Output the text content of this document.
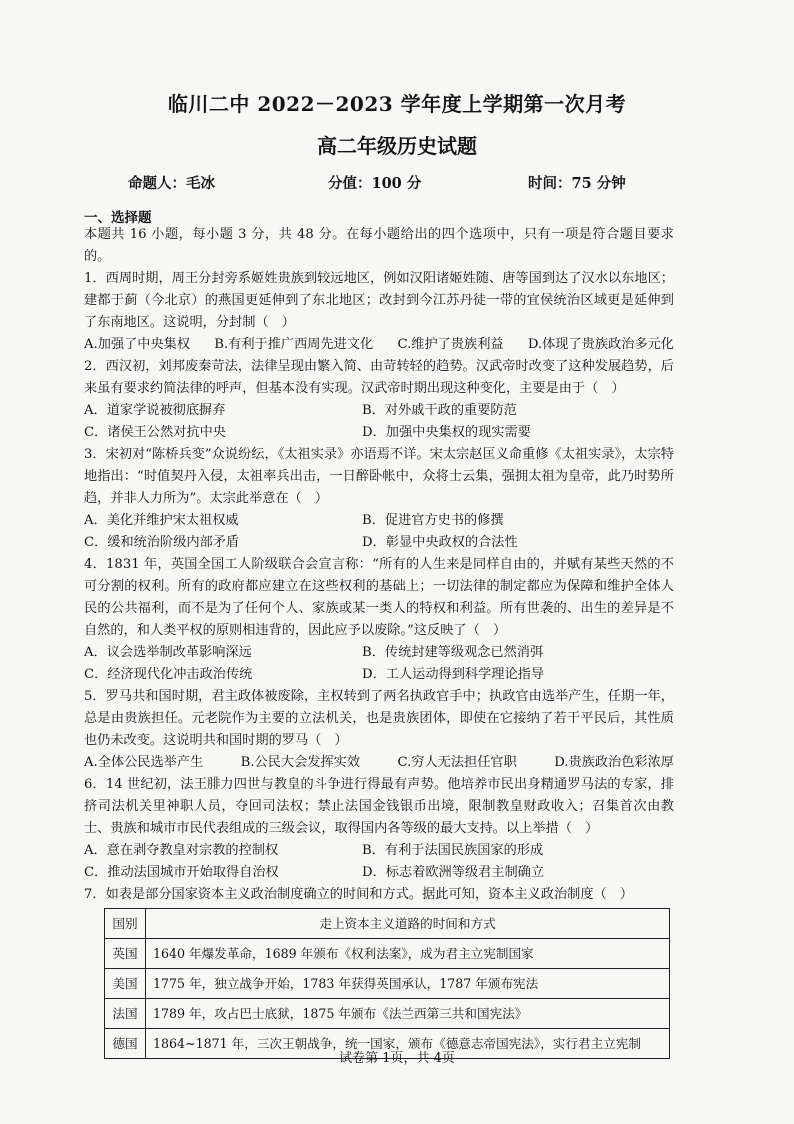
临川二中 2022－2023 学年度上学期第一次月考
高二年级历史试题
命题人：毛冰	分值：100 分	时间：75 分钟
一、选择题

本题共 16 小题，每小题 3 分，共 48 分。在每小题给出的四个选项中，只有一项是符合题目要求的。

1．西周时期，周王分封旁系姬姓贵族到较远地区，例如汉阳诸姬姓随、唐等国到达了汉水以东地区；建都于蓟（今北京）的燕国更延伸到了东北地区；改封到今江苏丹徒一带的宜侯统治区域更是延伸到了东南地区。这说明，分封制（　）

A.加强了中央集权 B.有利于推广西周先进文化 C.维护了贵族利益 D.体现了贵族政治多元化

2．西汉初，刘邦废秦苛法，法律呈现由繁入简、由苛转轻的趋势。汉武帝时改变了这种发展趋势，后来虽有要求约简法律的呼声，但基本没有实现。汉武帝时期出现这种变化，主要是由于（　）

A．道家学说被彻底摒弃	B．对外戚干政的重要防范
C．诸侯王公然对抗中央	D．加强中央集权的现实需要

3．宋初对“陈桥兵变”众说纷纭，《太祖实录》亦语焉不详。宋太宗赵匡义命重修《太祖实录》，太宗特地指出：“时值契丹入侵，太祖率兵出击，一日醉卧帐中，众将士云集，强拥太祖为皇帝，此乃时势所趋，并非人力所为”。太宗此举意在（　）

A．美化并维护宋太祖权威	B．促进官方史书的修撰
C．缓和统治阶级内部矛盾	D．彰显中央政权的合法性

4．1831 年，英国全国工人阶级联合会宣言称：“所有的人生来是同样自由的，并赋有某些天然的不可分割的权利。所有的政府都应建立在这些权利的基础上；一切法律的制定都应为保障和维护全体人民的公共福利，而不是为了任何个人、家族或某一类人的特权和利益。所有世袭的、出生的差异是不自然的，和人类平权的原则相违背的，因此应予以废除。”这反映了（　）

A．议会选举制改革影响深远	B．传统封建等级观念已然消弭
C．经济现代化冲击政治传统	D．工人运动得到科学理论指导

5．罗马共和国时期，君主政体被废除，主权转到了两名执政官手中；执政官由选举产生，任期一年，总是由贵族担任。元老院作为主要的立法机关，也是贵族团体，即使在它接纳了若干平民后，其性质也仍未改变。这说明共和国时期的罗马（　）

A.全体公民选举产生	B.公民大会发挥实效	C.穷人无法担任官职	D.贵族政治色彩浓厚

6．14 世纪初，法王腓力四世与教皇的斗争进行得最有声势。他培养市民出身精通罗马法的专家，排挤司法机关里神职人员，夺回司法权；禁止法国金钱银币出境，限制教皇财政收入；召集首次由教士、贵族和城市市民代表组成的三级会议，取得国内各等级的最大支持。以上举措（　）

A．意在剥夺教皇对宗教的控制权	B．有利于法国民族国家的形成
C．推动法国城市开始取得自治权	D．标志着欧洲等级君主制确立

7．如表是部分国家资本主义政治制度确立的时间和方式。据此可知，资本主义政治制度（　）

国别	走上资本主义道路的时间和方式
英国	1640 年爆发革命，1689 年颁布《权利法案》，成为君主立宪制国家
美国	1775 年，独立战争开始，1783 年获得英国承认，1787 年颁布宪法
法国	1789 年，攻占巴士底狱，1875 年颁布《法兰西第三共和国宪法》
德国	1864~1871 年，三次王朝战争，统一国家，颁布《德意志帝国宪法》，实行君主立宪制
试卷第 1页，共 4页
